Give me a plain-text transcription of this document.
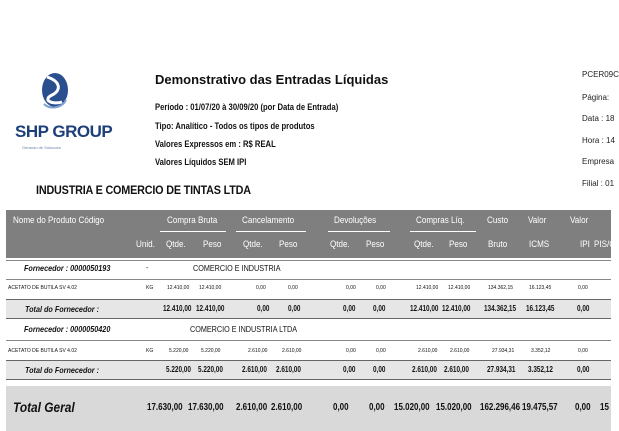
SHP GROUP
Gerando de Solucoes
Demonstrativo das Entradas Líquidas
Período : 01/07/20 à 30/09/20 (por Data de Entrada)
Tipo: Analítico - Todos os tipos de produtos
Valores Expressos em : R$ REAL
Valores Líquidos SEM IPI
PCER09C
Página:
Data : 18
Hora : 14
Empresa
Filial : 01
INDUSTRIA E COMERCIO DE TINTAS LTDA
Nome do Produto Código	Compra Bruta	Cancelamento	Devoluções	Compras Líq.	Custo	Valor	Valor
Unid.	Qtde.	Peso	Qtde.	Peso	Qtde.	Peso	Qtde.	Peso	Bruto	ICMS	IPI PIS/C
Fornecedor : 0000050193	-	COMERCIO E INDUSTRIA
ACETATO DE BUTILA SV 4.02	KG	12.410,00 12.410,00	0,00	0,00	0,00	0,00	12.410,00 12.410,00	134.362,15	16.123,45	0,00
Total do Fornecedor :	12.410,00 12.410,00	0,00	0,00	0,00	0,00	12.410,00 12.410,00	134.362,15	16.123,45	0,00
Fornecedor : 0000050420	COMERCIO E INDUSTRIA LTDA
ACETATO DE BUTILA SV 4.02	KG	5.220,00	5.220,00	2.610,00	2.610,00	0,00	0,00	2.610,00	2.610,00	27.934,31	3.352,12	0,00
Total do Fornecedor :	5.220,00 5.220,00	2.610,00	2.610,00	0,00	0,00	2.610,00 2.610,00	27.934,31	3.352,12	0,00
Total Geral	17.630,00 17.630,00	2.610,00 2.610,00	0,00	0,00 15.020,00 15.020,00 162.296,46 19.475,57	0,00 15
